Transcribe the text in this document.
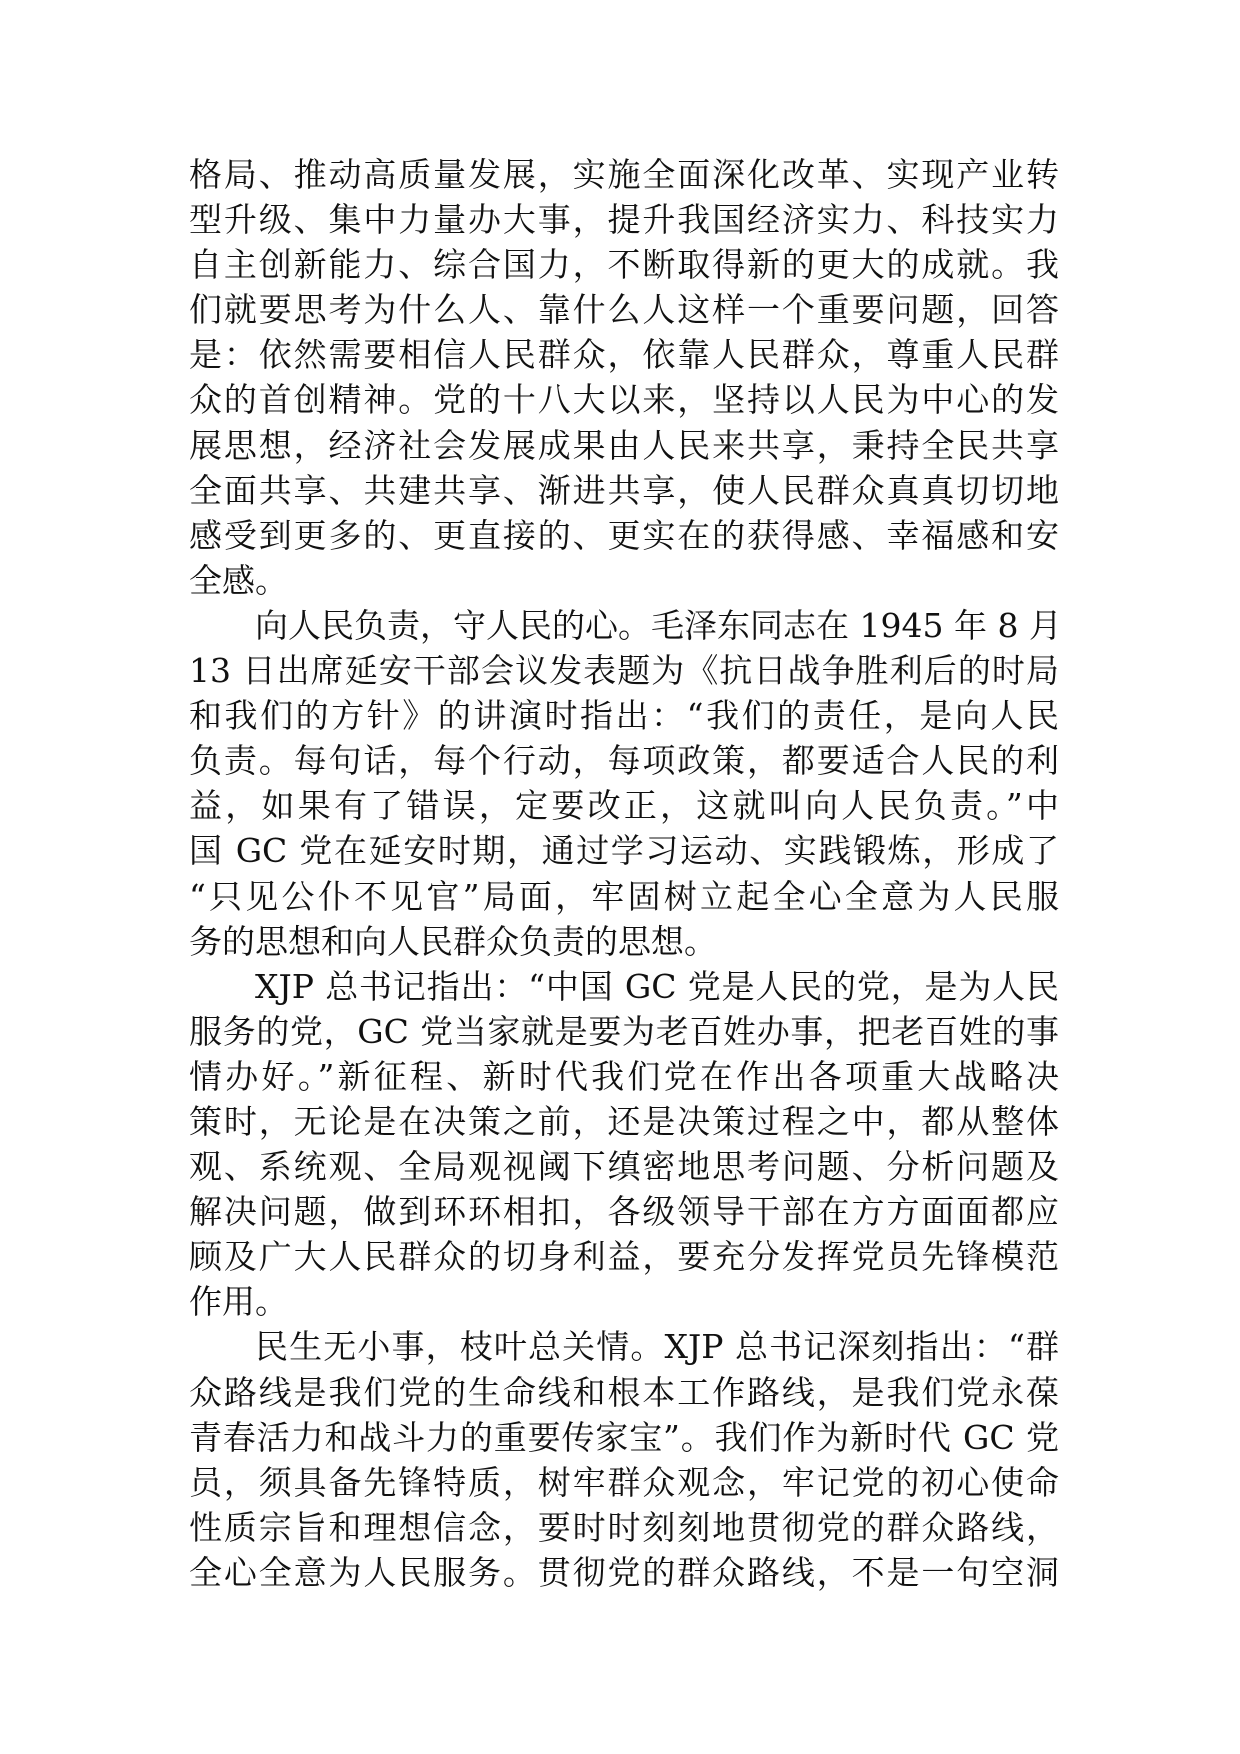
格局、推动高质量发展，实施全面深化改革、实现产业转
型升级、集中力量办大事，提升我国经济实力、科技实力
自主创新能力、综合国力，不断取得新的更大的成就。我
们就要思考为什么人、靠什么人这样一个重要问题，回答
是：依然需要相信人民群众，依靠人民群众，尊重人民群
众的首创精神。党的十八大以来，坚持以人民为中心的发
展思想，经济社会发展成果由人民来共享，秉持全民共享
全面共享、共建共享、渐进共享，使人民群众真真切切地
感受到更多的、更直接的、更实在的获得感、幸福感和安
全感。
向人民负责，守人民的心。毛泽东同志在 1945 年 8 月
13 日出席延安干部会议发表题为《抗日战争胜利后的时局
和我们的方针》的讲演时指出：“我们的责任，是向人民
负责。每句话，每个行动，每项政策，都要适合人民的利
益，如果有了错误，定要改正，这就叫向人民负责。”中
国 GC 党在延安时期，通过学习运动、实践锻炼，形成了
“只见公仆不见官”局面，牢固树立起全心全意为人民服
务的思想和向人民群众负责的思想。
XJP 总书记指出：“中国 GC 党是人民的党，是为人民
服务的党，GC 党当家就是要为老百姓办事，把老百姓的事
情办好。”新征程、新时代我们党在作出各项重大战略决
策时，无论是在决策之前，还是决策过程之中，都从整体
观、系统观、全局观视阈下缜密地思考问题、分析问题及
解决问题，做到环环相扣，各级领导干部在方方面面都应
顾及广大人民群众的切身利益，要充分发挥党员先锋模范
作用。
民生无小事，枝叶总关情。XJP 总书记深刻指出：“群
众路线是我们党的生命线和根本工作路线，是我们党永葆
青春活力和战斗力的重要传家宝”。我们作为新时代 GC 党
员，须具备先锋特质，树牢群众观念，牢记党的初心使命
性质宗旨和理想信念，要时时刻刻地贯彻党的群众路线，
全心全意为人民服务。贯彻党的群众路线，不是一句空洞
